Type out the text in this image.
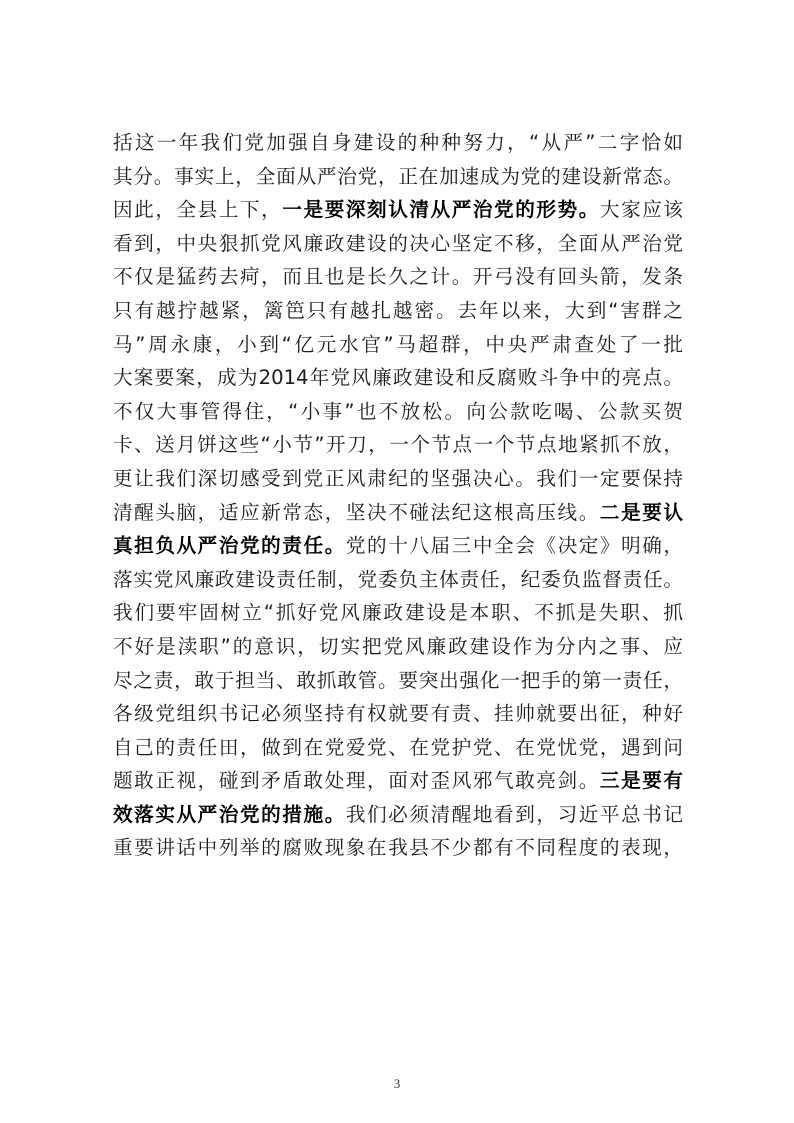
括这一年我们党加强自身建设的种种努力，“从严”二字恰如
其分。事实上，全面从严治党，正在加速成为党的建设新常态。
因此，全县上下，一是要深刻认清从严治党的形势。大家应该
看到，中央狠抓党风廉政建设的决心坚定不移，全面从严治党
不仅是猛药去疴，而且也是长久之计。开弓没有回头箭，发条
只有越拧越紧，篱笆只有越扎越密。去年以来，大到“害群之
马”周永康，小到“亿元水官”马超群，中央严肃查处了一批
大案要案，成为2014年党风廉政建设和反腐败斗争中的亮点。
不仅大事管得住，“小事”也不放松。向公款吃喝、公款买贺
卡、送月饼这些“小节”开刀，一个节点一个节点地紧抓不放，
更让我们深切感受到党正风肃纪的坚强决心。我们一定要保持
清醒头脑，适应新常态，坚决不碰法纪这根高压线。二是要认
真担负从严治党的责任。党的十八届三中全会《决定》明确，
落实党风廉政建设责任制，党委负主体责任，纪委负监督责任。
我们要牢固树立“抓好党风廉政建设是本职、不抓是失职、抓
不好是渎职”的意识，切实把党风廉政建设作为分内之事、应
尽之责，敢于担当、敢抓敢管。要突出强化一把手的第一责任，
各级党组织书记必须坚持有权就要有责、挂帅就要出征，种好
自己的责任田，做到在党爱党、在党护党、在党忧党，遇到问
题敢正视，碰到矛盾敢处理，面对歪风邪气敢亮剑。三是要有
效落实从严治党的措施。我们必须清醒地看到，习近平总书记
重要讲话中列举的腐败现象在我县不少都有不同程度的表现，
3
